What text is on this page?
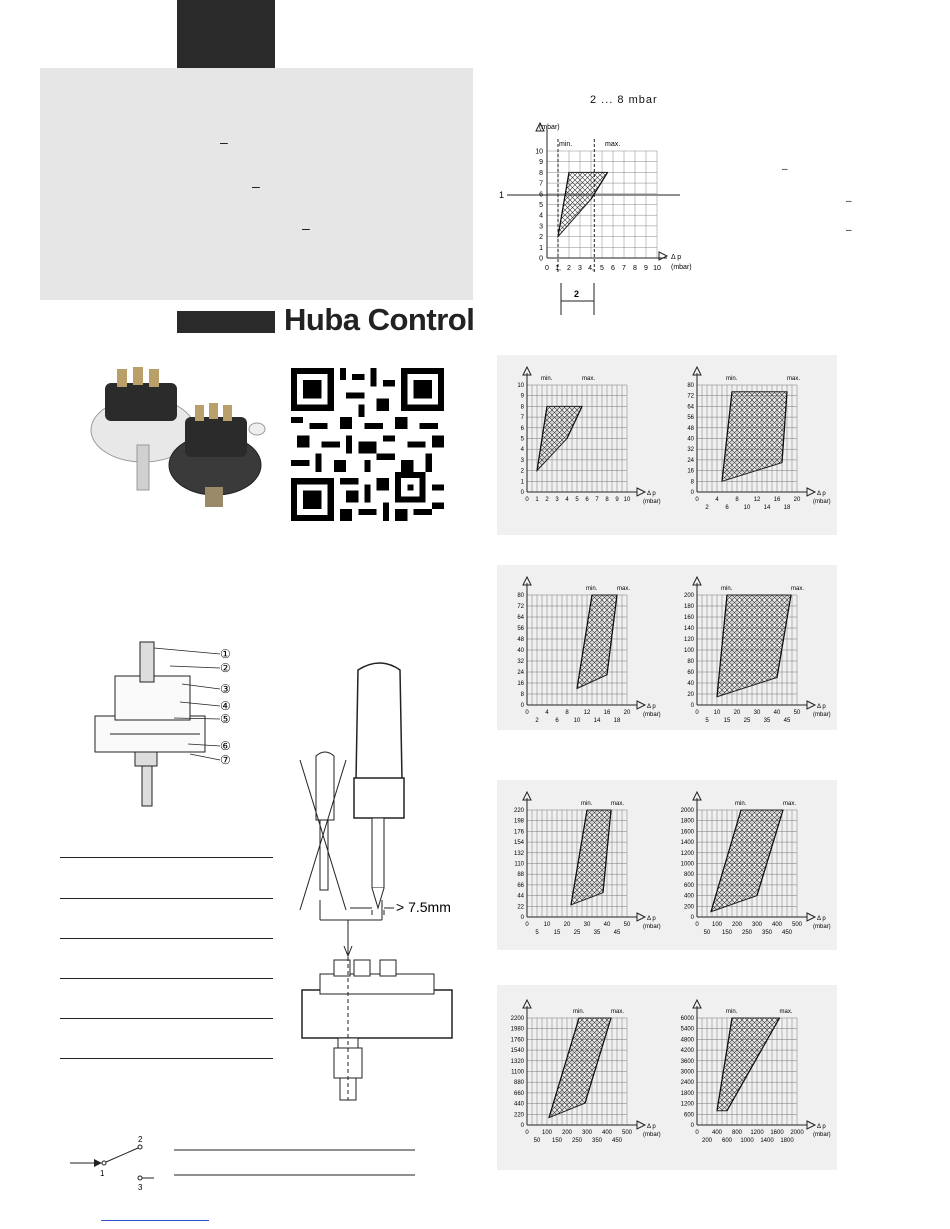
–
–
–
Huba Control
①
②
③
④
⑤
⑥
⑦
> 7.5mm
1
2
3
2 ... 8 mbar
(mbar)
min.	max.
1
0
1
2
3
4
5
6
7
8
9
10
0 1, 2 3 4, 5 6 7 8 9 10
Δ p
(mbar)
2
–
–
–
min.	max.
0
1
2
3
4
5
6
7
8
9
10
0 1 2 3 4 5 6 7 8 9 10
Δ p
(mbar)
min.	max.
0
8
16
24
32
40
48
56
64
72
80
0	4	8 12 16 20
2	6 10 14 18
Δ p
(mbar)
min.	max.
0
8
16
24
32
40
48
56
64
72
80
0	4	8 12 16 20
2	6 10 14 18
Δ p
(mbar)
min.	max.
0
20
40
60
80
100
120
140
160
180
200
0 10 20 30 40 50
5 15 25 35 45
Δ p
(mbar)
min.	max.
0
22
44
66
88
110
132
154
176
198
220
0 10 20 30 40 50
5 15 25 35 45
Δ p
(mbar)
min.	max.
0
200
400
600
800
1000
1200
1400
1600
1800
2000
0 100 200 300 400 500
50 150 250 350 450
Δ p
(mbar)
min.	max.
0
220
440
660
880
1100
1320
1540
1760
1980
2200
0 100 200 300 400 500
50 150 250 350 450
Δ p
(mbar)
min.	max.
0
600
1200
1800
2400
3000
3600
4200
4800
5400
6000
0 400 800 1200 1600 2000
200 600 1000 1400 1800
Δ p
(mbar)
